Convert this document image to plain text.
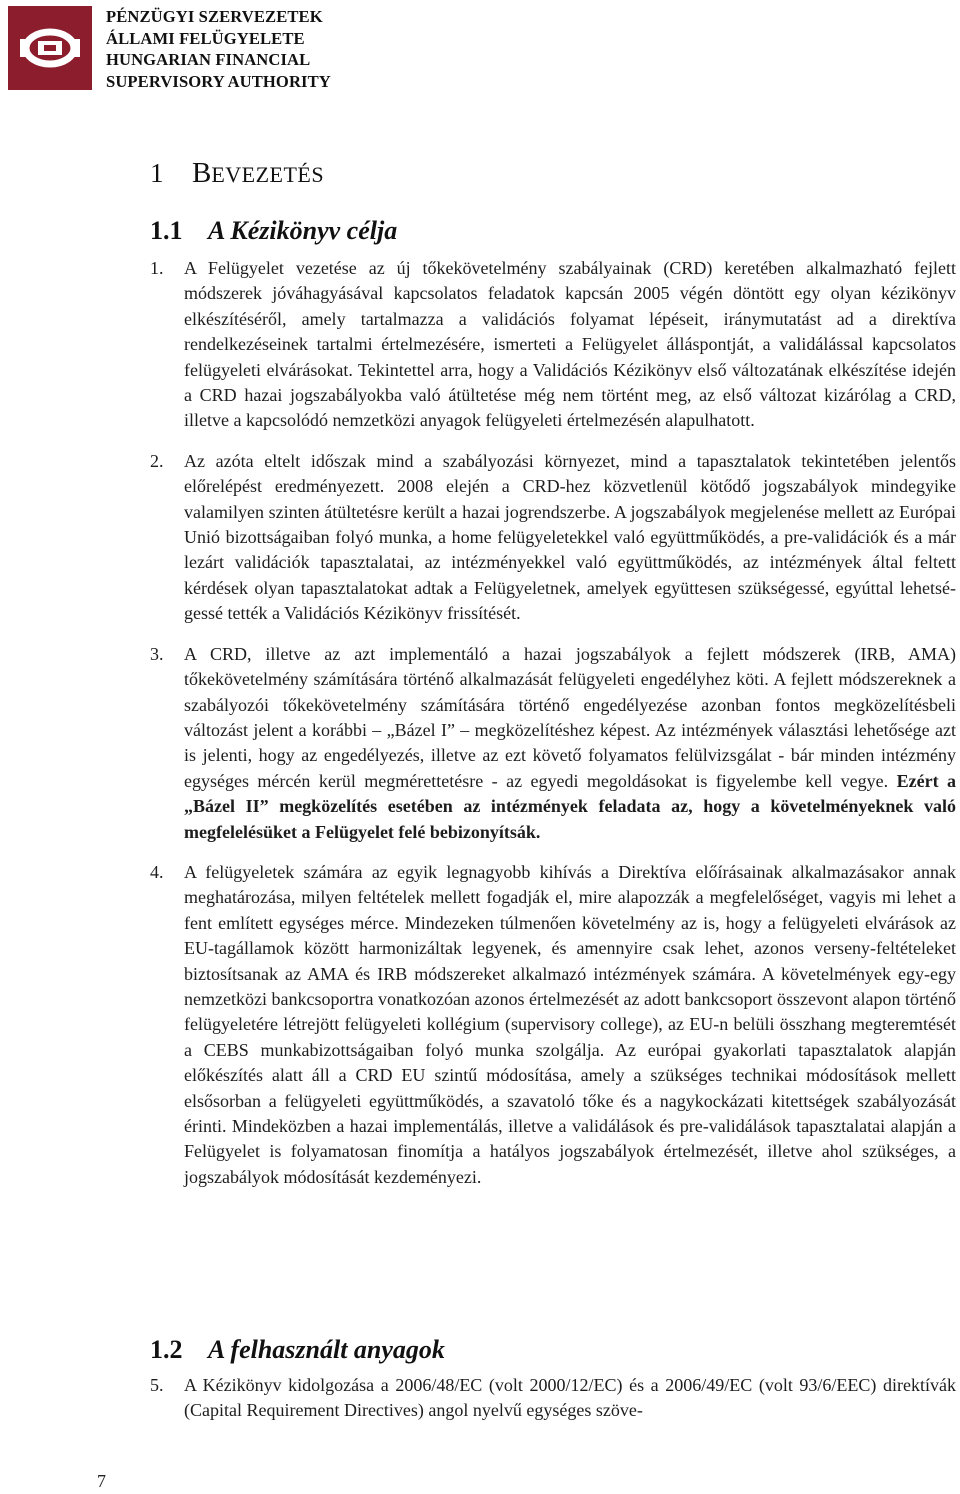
PÉNZÜGYI SZERVEZETEK
ÁLLAMI FELÜGYELETE
HUNGARIAN FINANCIAL
SUPERVISORY AUTHORITY
1 BEVEZETÉS
1.1 A Kézikönyv célja
1. A Felügyelet vezetése az új tőkekövetelmény szabályainak (CRD) keretében alkalmazható fejlett módszerek jóváhagyásával kapcsolatos feladatok kapcsán 2005 végén döntött egy olyan kézikönyv elkészítéséről, amely tartalmazza a validációs folyamat lépéseit, iránymutatást ad a direktíva rendelkezéseinek tartalmi értelmezésére, ismerteti a Felügyelet álláspontját, a validálással kapcsolatos felügyeleti elvárásokat. Tekintettel arra, hogy a Validációs Kézikönyv első változatának elkészítése idején a CRD hazai jogszabályokba való átültetése még nem történt meg, az első változat kizárólag a CRD, illetve a kapcsolódó nemzetközi anyagok felügyeleti értelmezésén alapulhatott.
2. Az azóta eltelt időszak mind a szabályozási környezet, mind a tapasztalatok tekintetében jelentős előrelépést eredményezett. 2008 elején a CRD-hez közvetlenül kötődő jogszabályok mindegyike valamilyen szinten átültetésre került a hazai jogrendszerbe. A jogszabályok megjelenése mellett az Európai Unió bizottságaiban folyó munka, a home felügyeletekkel való együttműködés, a pre-validációk és a már lezárt validációk tapasztalatai, az intézményekkel való együttműködés, az intézmények által feltett kérdések olyan tapasztalatokat adtak a Felügyeletnek, amelyek együttesen szükségessé, egyúttal lehetségessé tették a Validációs Kézikönyv frissítését.
3. A CRD, illetve az azt implementáló a hazai jogszabályok a fejlett módszerek (IRB, AMA) tőkekövetelmény számítására történő alkalmazását felügyeleti engedélyhez köti. A fejlett módszereknek a szabályozói tőkekövetelmény számítására történő engedélyezése azonban fontos megközelítésbeli változást jelent a korábbi – „Bázel I” – megközelítéshez képest. Az intézmények választási lehetősége azt is jelenti, hogy az engedélyezés, illetve az ezt követő folyamatos felülvizsgálat - bár minden intézmény egységes mércén kerül megmérettetésre - az egyedi megoldásokat is figyelembe kell vegye. Ezért a „Bázel II” megközelítés esetében az intézmények feladata az, hogy a követelményeknek való megfelelésüket a Felügyelet felé bebizonyítsák.
4. A felügyeletek számára az egyik legnagyobb kihívás a Direktíva előírásainak alkalmazásakor annak meghatározása, milyen feltételek mellett fogadják el, mire alapozzák a megfelelőséget, vagyis mi lehet a fent említett egységes mérce. Mindezeken túlmenően követelmény az is, hogy a felügyeleti elvárások az EU-tagállamok között harmonizáltak legyenek, és amennyire csak lehet, azonos verseny-feltételeket biztosítsanak az AMA és IRB módszereket alkalmazó intézmények számára. A követelmények egy-egy nemzetközi bankcsoportra vonatkozóan azonos értelmezését az adott bankcsoport összevont alapon történő felügyeletére létrejött felügyeleti kollégium (supervisory college), az EU-n belüli összhang megteremtését a CEBS munkabizottságaiban folyó munka szolgálja. Az európai gyakorlati tapasztalatok alapján előkészítés alatt áll a CRD EU szintű módosítása, amely a szükséges technikai módosítások mellett elsősorban a felügyeleti együttműködés, a szavatoló tőke és a nagykockázati kitettségek szabályozását érinti. Mindeközben a hazai implementálás, illetve a validálások és pre-validálások tapasztalatai alapján a Felügyelet is folyamatosan finomítja a hatályos jogszabályok értelmezését, illetve ahol szükséges, a jogszabályok módosítását kezdeményezi.
1.2 A felhasznált anyagok
5. A Kézikönyv kidolgozása a 2006/48/EC (volt 2000/12/EC) és a 2006/49/EC (volt 93/6/EEC) direktívák (Capital Requirement Directives) angol nyelvű egységes szöve-
7
